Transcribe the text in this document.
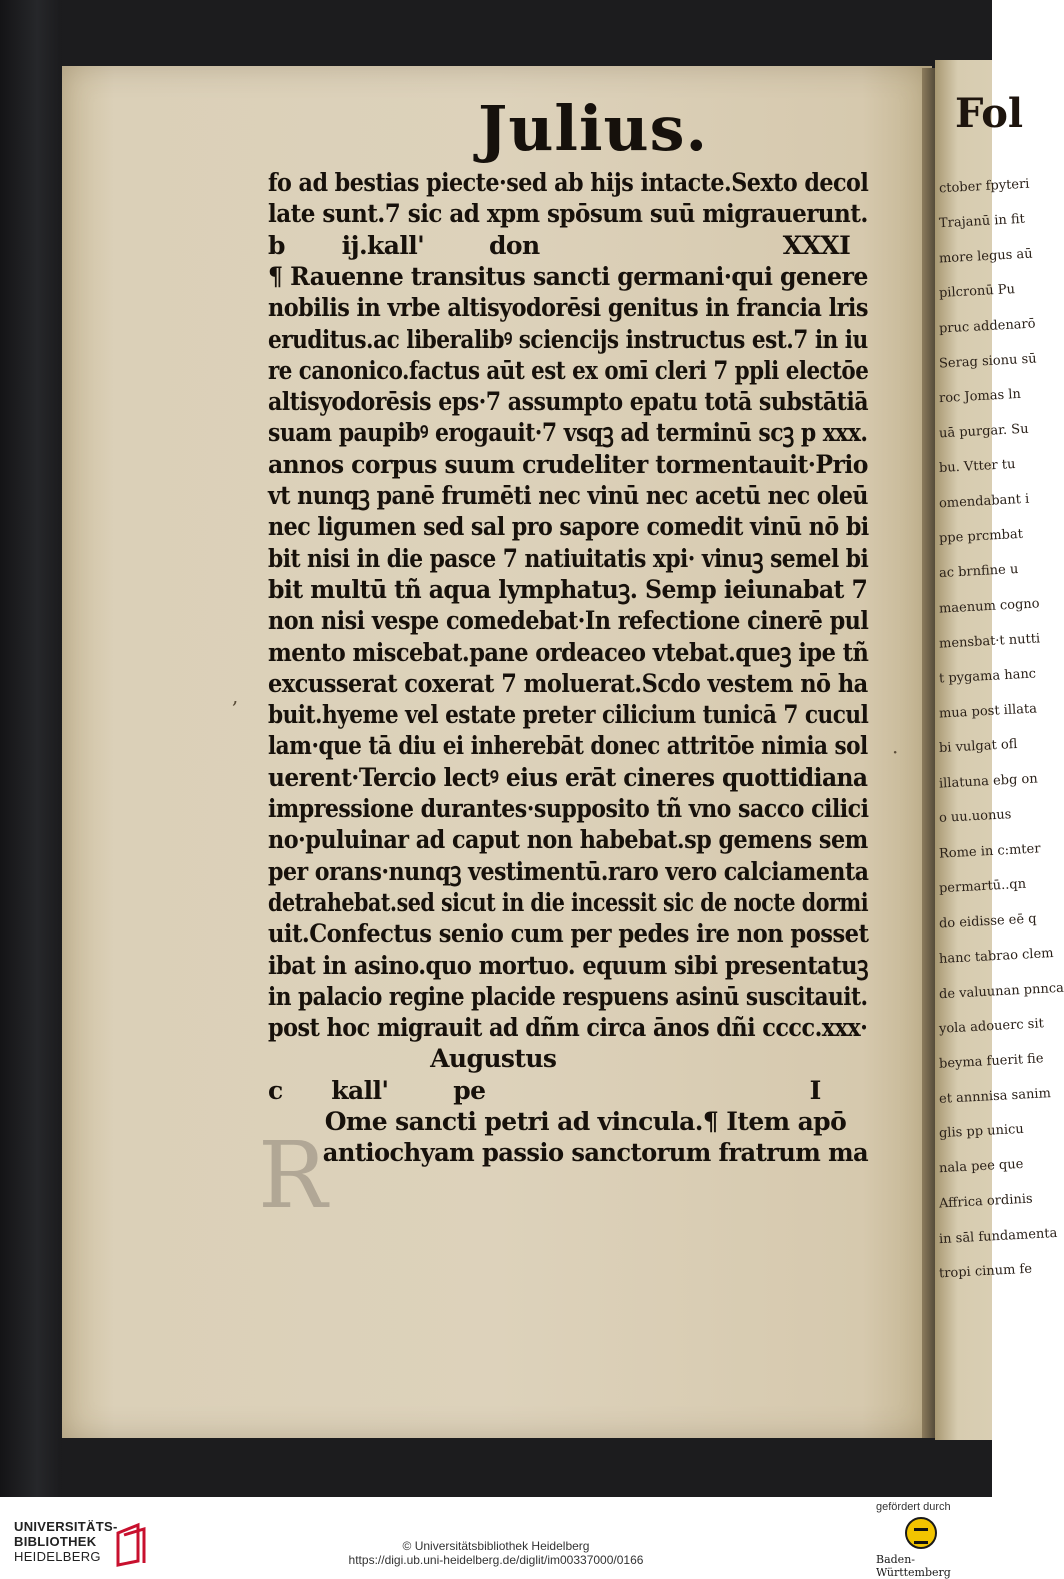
Fol
ctober fpyteri
Trajanū in fit
more legus aū
pilcronū Pu
pruc addenarō
Serag sionu sū
roc Jomas ln
uā purgar. Su
bu. Vtter tu
omendabant i
ppe prcmbat
ac brnfine u
maenum cogno
mensbat·t nutti
t pygama hanc
mua post illata
bi vulgat ofl
illatuna ebg on
o uu.uonus
Rome in c:mter
permartū..qn
do eidisse eē q
hanc tabrao clem
de valuunan pnnca
yola adouerc sit
beyma fuerit fie
et annnisa sanim
glis pp unicu
nala pee que
Affrica ordinis
in sāl fundamenta
tropi cinum fe
Julius.
R
fo ad bestias piecte·sed ab hijs intacte.Sexto decol
late sunt.7 sic ad xpm spōsum suū migrauerunt.
b       ij.kall'        don                              XXXI
¶ Rauenne transitus sancti germani·qui genere
nobilis in vrbe altisyodorēsi genitus in francia lris
eruditus.ac liberalibꝰ sciencijs instructus est.7 in iu
re canonico.factus aūt est ex omī cleri 7 ppli electōe
altisyodorēsis eps·7 assumpto epatu totā substātiā
suam paupibꝰ erogauit·7 vsqꝫ ad terminū scꝫ p xxx.
annos corpus suum crudeliter tormentauit·Prio
vt nunqꝫ panē frumēti nec vinū nec acetū nec oleū
nec ligumen sed sal pro sapore comedit vinū nō bi
bit nisi in die pasce 7 natiuitatis xpi· vinuꝫ semel bi
bit multū tñ aqua lymphatuꝫ. Semp ieiunabat 7
non nisi vespe comedebat·In refectione cinerē pul
mento miscebat.pane ordeaceo vtebat.queꝫ ipe tñ
excusserat coxerat 7 moluerat.Scdo vestem nō ha
buit.hyeme vel estate preter cilicium tunicā 7 cucul
lam·que tā diu ei inherebāt donec attritōe nimia sol
uerent·Tercio lectꝰ eius erāt cineres quottidiana
impressione durantes·supposito tñ vno sacco cilici
no·puluinar ad caput non habebat.sp gemens sem
per orans·nunqꝫ vestimentū.raro vero calciamenta
detrahebat.sed sicut in die incessit sic de nocte dormi
uit.Confectus senio cum per pedes ire non posset
ibat in asino.quo mortuo. equum sibi presentatuꝫ
in palacio regine placide respuens asinū suscitauit.
post hoc migrauit ad dñm circa ānos dñi cccc.xxx·
Augustus
c      kall'        pe                                        I
Ome sancti petri ad vincula.¶ Item apō
antiochyam passio sanctorum fratrum ma
,
·
UNIVERSITÄTS-
BIBLIOTHEK
HEIDELBERG
© Universitätsbibliothek Heidelberg
https://digi.ub.uni-heidelberg.de/diglit/im00337000/0166
gefördert durch
Baden-Württemberg
